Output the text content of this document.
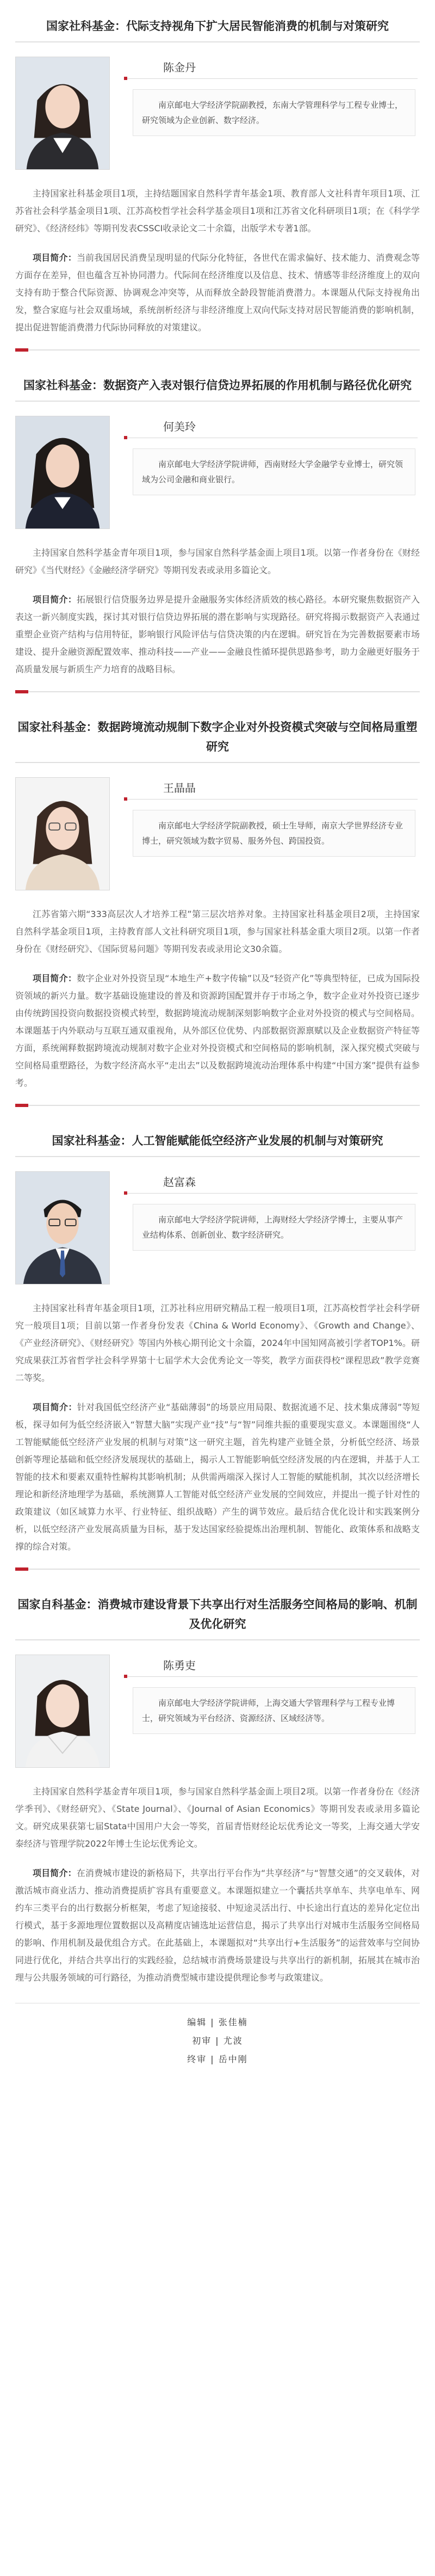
国家社科基金：代际支持视角下扩大居民智能消费的机制与对策研究
陈金丹
南京邮电大学经济学院副教授，东南大学管理科学与工程专业博士，研究领域为企业创新、数字经济。

主持国家社科基金项目1项，主持结题国家自然科学青年基金1项、教育部人文社科青年项目1项、江苏省社会科学基金项目1项、江苏高校哲学社会科学基金项目1项和江苏省文化科研项目1项；在《科学学研究》、《经济经纬》等期刊发表CSSCI收录论文二十余篇，出版学术专著1部。

项目简介：当前我国居民消费呈现明显的代际分化特征，各世代在需求偏好、技术能力、消费观念等方面存在差异，但也蕴含互补协同潜力。代际间在经济维度以及信息、技术、情感等非经济维度上的双向支持有助于整合代际资源、协调观念冲突等，从而释放全龄段智能消费潜力。本课题从代际支持视角出发，整合家庭与社会双重场域，系统剖析经济与非经济维度上双向代际支持对居民智能消费的影响机制，提出促进智能消费潜力代际协同释放的对策建议。

国家社科基金：数据资产入表对银行信贷边界拓展的作用机制与路径优化研究
何美玲
南京邮电大学经济学院讲师，西南财经大学金融学专业博士，研究领域为公司金融和商业银行。

主持国家自然科学基金青年项目1项，参与国家自然科学基金面上项目1项。以第一作者身份在《财经研究》《当代财经》《金融经济学研究》等期刊发表或录用多篇论文。

项目简介：拓展银行信贷服务边界是提升金融服务实体经济质效的核心路径。本研究聚焦数据资产入表这一新兴制度实践，探讨其对银行信贷边界拓展的潜在影响与实现路径。研究将揭示数据资产入表通过重塑企业资产结构与信用特征，影响银行风险评估与信贷决策的内在逻辑。研究旨在为完善数据要素市场建设、提升金融资源配置效率、推动科技——产业——金融良性循环提供思路参考，助力金融更好服务于高质量发展与新质生产力培育的战略目标。

国家社科基金：数据跨境流动规制下数字企业对外投资模式突破与空间格局重塑研究
王晶晶
南京邮电大学经济学院副教授，硕士生导师，南京大学世界经济专业博士，研究领域为数字贸易、服务外包、跨国投资。

江苏省第六期“333高层次人才培养工程”第三层次培养对象。主持国家社科基金项目2项，主持国家自然科学基金项目1项，主持教育部人文社科研究项目1项，参与国家社科基金重大项目2项。以第一作者身份在《财经研究》、《国际贸易问题》等期刊发表或录用论文30余篇。

项目简介：数字企业对外投资呈现“本地生产+数字传输”以及“轻资产化”等典型特征，已成为国际投资领域的新兴力量。数字基础设施建设的普及和资源跨国配置并存于市场之争，数字企业对外投资已逐步由传统跨国投资向数据投资模式转型，数据跨境流动规制深刻影响数字企业对外投资的模式与空间格局。本课题基于内外联动与互联互通双重视角，从外部区位优势、内部数据资源禀赋以及企业数据资产特征等方面，系统阐释数据跨境流动规制对数字企业对外投资模式和空间格局的影响机制，深入探究模式突破与空间格局重塑路径，为数字经济高水平“走出去”以及数据跨境流动治理体系中构建“中国方案”提供有益参考。

国家社科基金：人工智能赋能低空经济产业发展的机制与对策研究
赵富森
南京邮电大学经济学院讲师，上海财经大学经济学博士，主要从事产业结构体系、创新创业、数字经济研究。

主持国家社科青年基金项目1项，江苏社科应用研究精品工程一般项目1项，江苏高校哲学社会科学研究一般项目1项；目前以第一作者身份发表《China & World Economy》、《Growth and Change》、《产业经济研究》、《财经研究》等国内外核心期刊论文十余篇，2024年中国知网高被引学者TOP1%。研究成果获江苏省哲学社会科学界第十七届学术大会优秀论文一等奖，教学方面获得校“课程思政”教学竞赛二等奖。

项目简介：针对我国低空经济产业“基础薄弱”的场景应用局限、数据流通不足、技术集成薄弱”等短板，探寻如何为低空经济嵌入“智慧大脑”实现产业“技”与“智”同维共振的重要现实意义。本课题围绕“人工智能赋能低空经济产业发展的机制与对策”这一研究主题，首先构建产业链全景，分析低空经济、场景创新等理论基础和低空经济发展现状的基础上，揭示人工智能影响低空经济发展的内在逻辑，并基于人工智能的技术和要素双重特性解构其影响机制；从供需两端深入探讨人工智能的赋能机制，其次以经济增长理论和新经济地理学为基础，系统测算人工智能对低空经济产业发展的空间效应，并提出一揽子针对性的政策建议（如区域算力水平、行业特征、组织战略）产生的调节效应。最后结合优化设计和实践案例分析，以低空经济产业发展高质量为目标，基于发达国家经验提炼出治理机制、智能化、政策体系和战略支撑的综合对策。

国家自科基金：消费城市建设背景下共享出行对生活服务空间格局的影响、机制及优化研究
陈勇吏
南京邮电大学经济学院讲师，上海交通大学管理科学与工程专业博士，研究领域为平台经济、资源经济、区域经济等。

主持国家自然科学基金青年项目1项，参与国家自然科学基金面上项目2项。以第一作者身份在《经济学季刊》、《财经研究》、《State Journal》、《Journal of Asian Economics》等期刊发表或录用多篇论文。研究成果获第七届Stata中国用户大会一等奖，首届青悟财经论坛优秀论文一等奖，上海交通大学安泰经济与管理学院2022年博士生论坛优秀论文。

项目简介：在消费城市建设的新格局下，共享出行平台作为“共享经济”与“智慧交通”的交叉载体，对激活城市商业活力、推动消费提质扩容具有重要意义。本课题拟建立一个囊括共享单车、共享电单车、网约车三类平台的出行数据分析框架，考虑了短途接驳、中短途灵活出行、中长途出行直达的差异化定位出行模式，基于多源地理位置数据以及高精度店铺选址运营信息，揭示了共享出行对城市生活服务空间格局的影响、作用机制及最优组合方式。在此基础上，本课题拟对“共享出行+生活服务”的运营效率与空间协同进行优化，并结合共享出行的实践经验，总结城市消费场景建设与共享出行的新机制，拓展其在城市治理与公共服务领域的可行路径，为推动消费型城市建设提供理论参考与政策建议。

编辑 | 张佳楠
初审 | 尤波
终审 | 岳中刚
